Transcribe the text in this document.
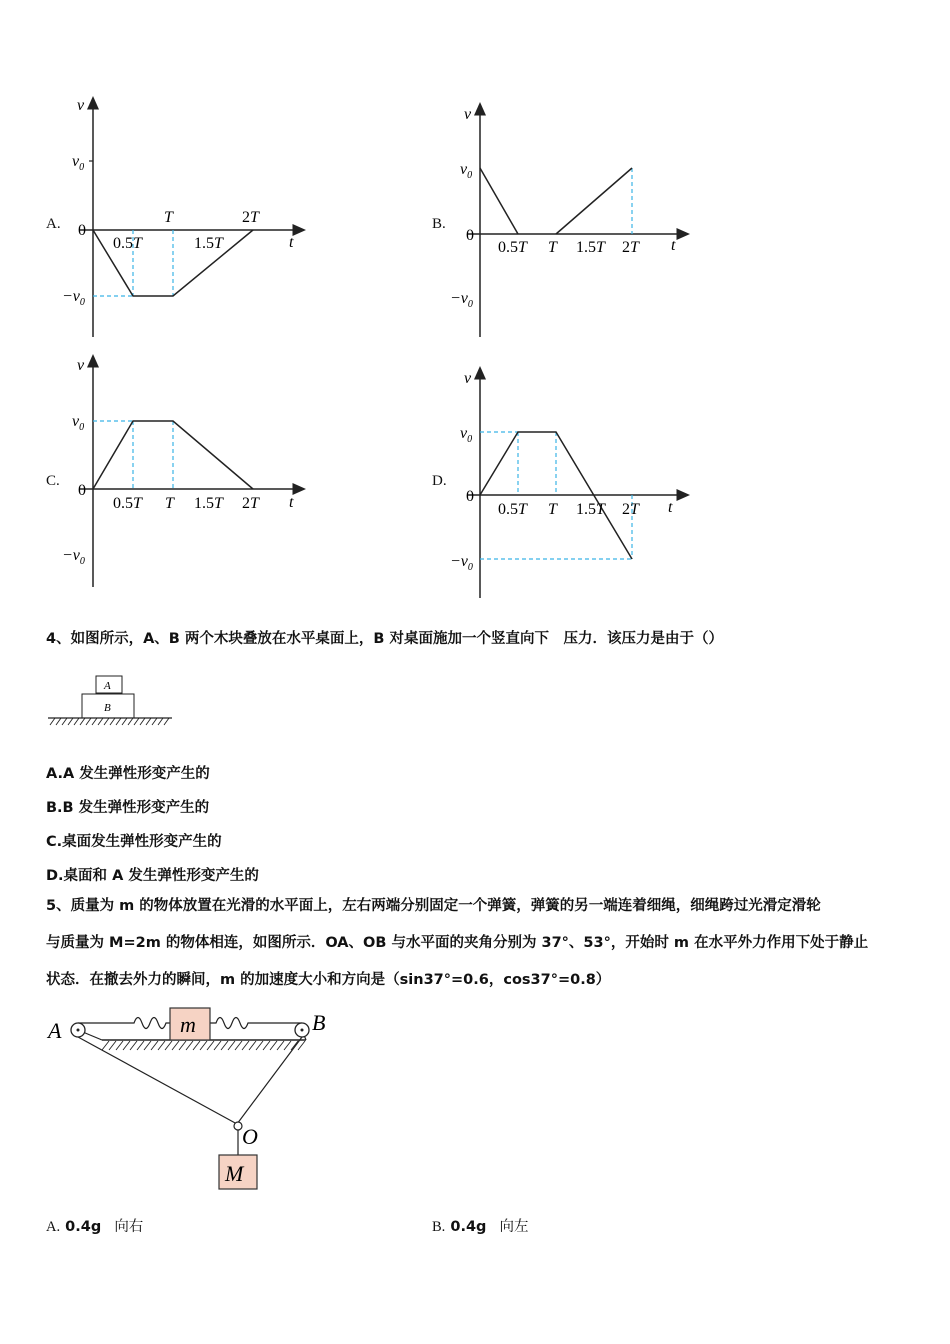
A.
v
t
0
$v_0$
$-v_0$
0.5T
T
1.5T
2T	B.
v
t
0
$v_0$
$-v_0$
0.5T T 1.5T 2T
C.
v
t
0
$v_0$
$-v_0$
0.5T T 1.5T 2T
D.
v
t
0
$v_0$
$-v_0$
0.5T T 1.5T 2T
4、如图所示，A、B 两个木块叠放在水平桌面上，B 对桌面施加一个竖直向下　压力．该压力是由于（）
A
B
A.A 发生弹性形变产生的
B.B 发生弹性形变产生的
C.桌面发生弹性形变产生的
D.桌面和 A 发生弹性形变产生的
5、质量为 m 的物体放置在光滑的水平面上，左右两端分别固定一个弹簧，弹簧的另一端连着细绳，细绳跨过光滑定滑轮
与质量为 M=2m 的物体相连，如图所示．OA、OB 与水平面的夹角分别为 37°、53°，开始时 m 在水平外力作用下处于静止
状态．在撤去外力的瞬间，m 的加速度大小和方向是（sin37°=0.6，cos37°=0.8）
m
A	B
O
M
A. 0.4g 向右	B. 0.4g 向左
